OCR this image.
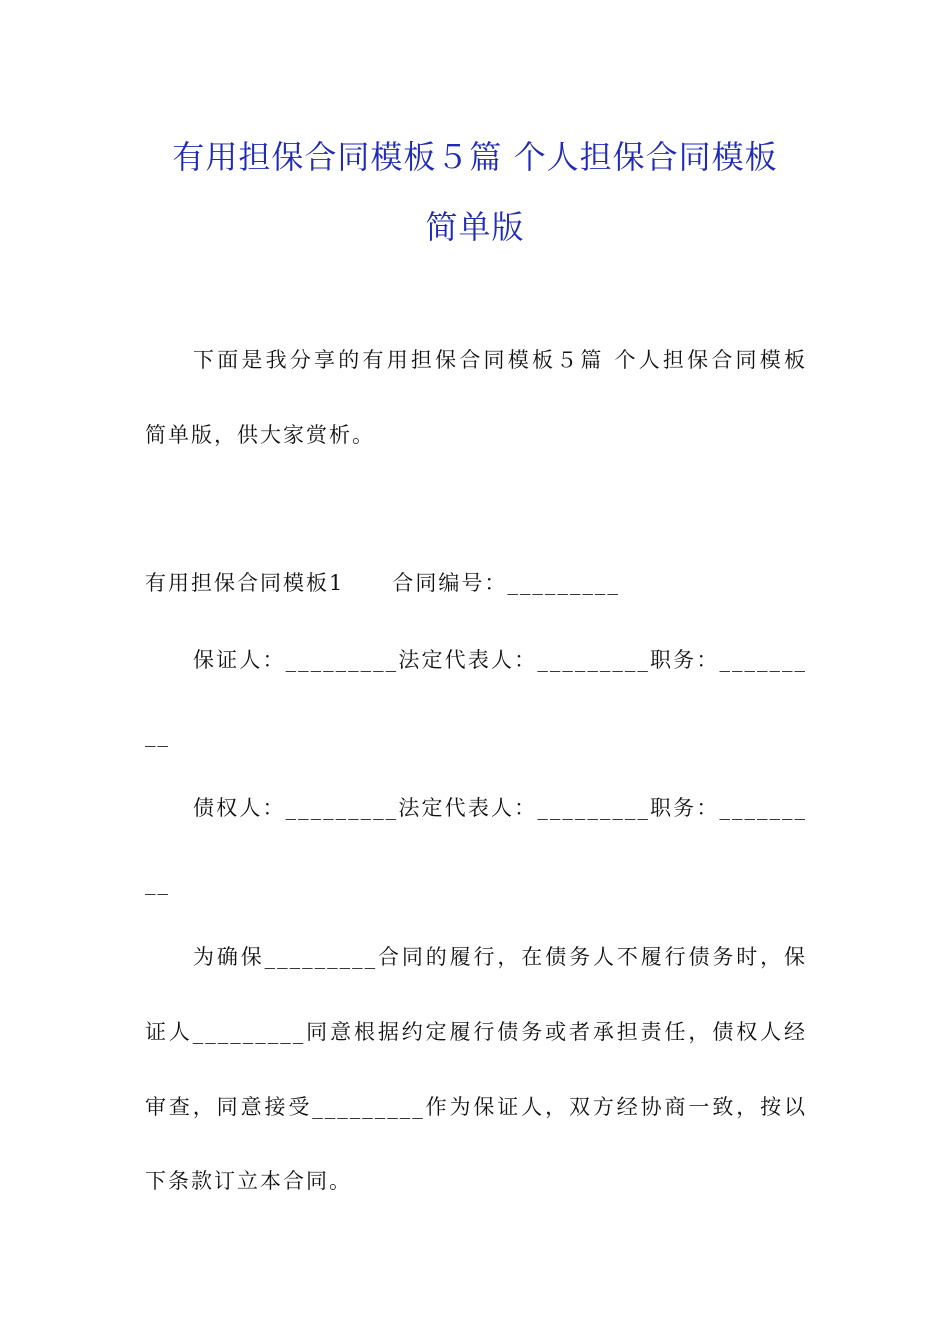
有用担保合同模板５篇 个人担保合同模板
简单版
下面是我分享的有用担保合同模板５篇 个人担保合同模板
简单版，供大家赏析。
有用担保合同模板1 合同编号：_________
保证人：_________法定代表人：_________职务：_______
__
债权人：_________法定代表人：_________职务：_______
__
为确保_________合同的履行，在债务人不履行债务时，保
证人_________同意根据约定履行债务或者承担责任，债权人经
审查，同意接受_________作为保证人，双方经协商一致，按以
下条款订立本合同。
